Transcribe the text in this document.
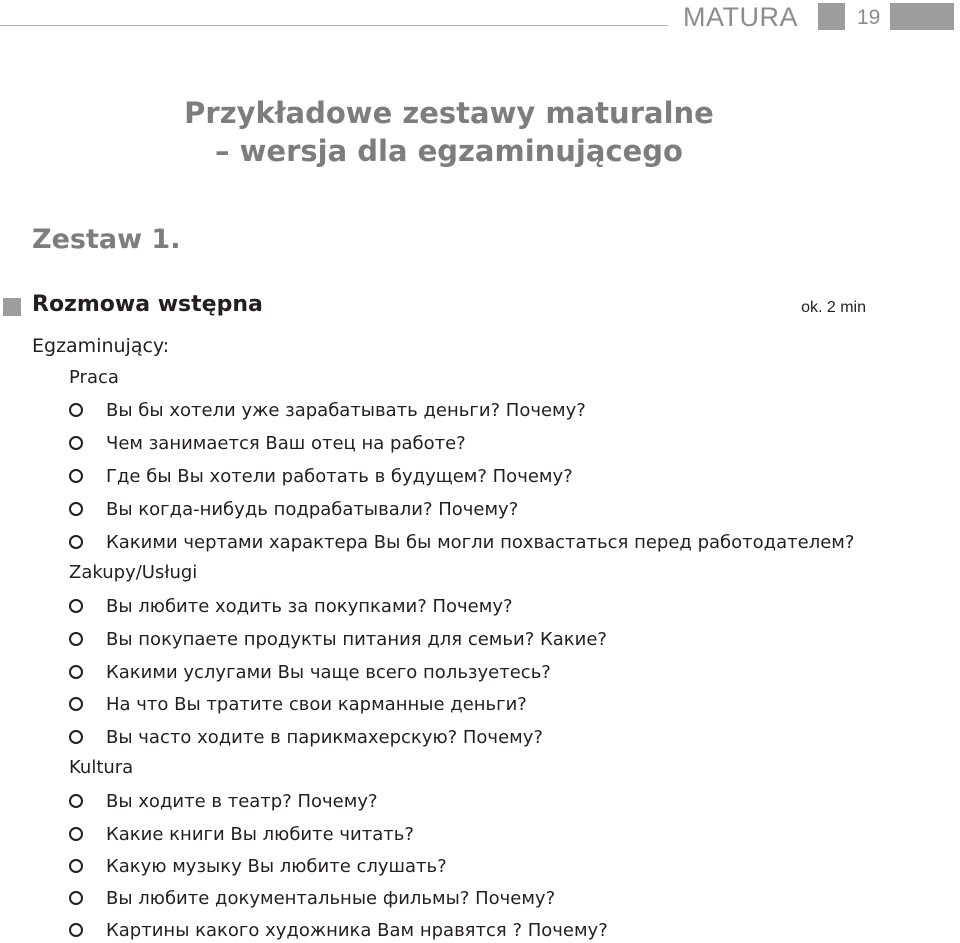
MATURA	19
Przykładowe zestawy maturalne
– wersja dla egzaminującego
Zestaw 1.
Rozmowa wstępna	ok. 2 min
Egzaminujący:
Praca
Вы бы хотели уже зарабатывать деньги? Почему?
Чем занимается Ваш отец на работе?
Где бы Вы хотели работать в будущем? Почему?
Вы когда-нибудь подрабатывали? Почему?
Какими чертами характера Вы бы могли похвастаться перед работодателем?
Zakupy/Usługi
Вы любите ходить за покупками? Почему?
Вы покупаете продукты питания для семьи? Какие?
Какими услугами Вы чаще всего пользуетесь?
На что Вы тратите свои карманные деньги?
Вы часто ходите в парикмахерскую? Почему?
Kultura
Вы ходите в театр? Почему?
Какие книги Вы любите читать?
Какую музыку Вы любите слушать?
Вы любите документальные фильмы? Почему?
Картины какого художника Вам нравятся ? Почему?
